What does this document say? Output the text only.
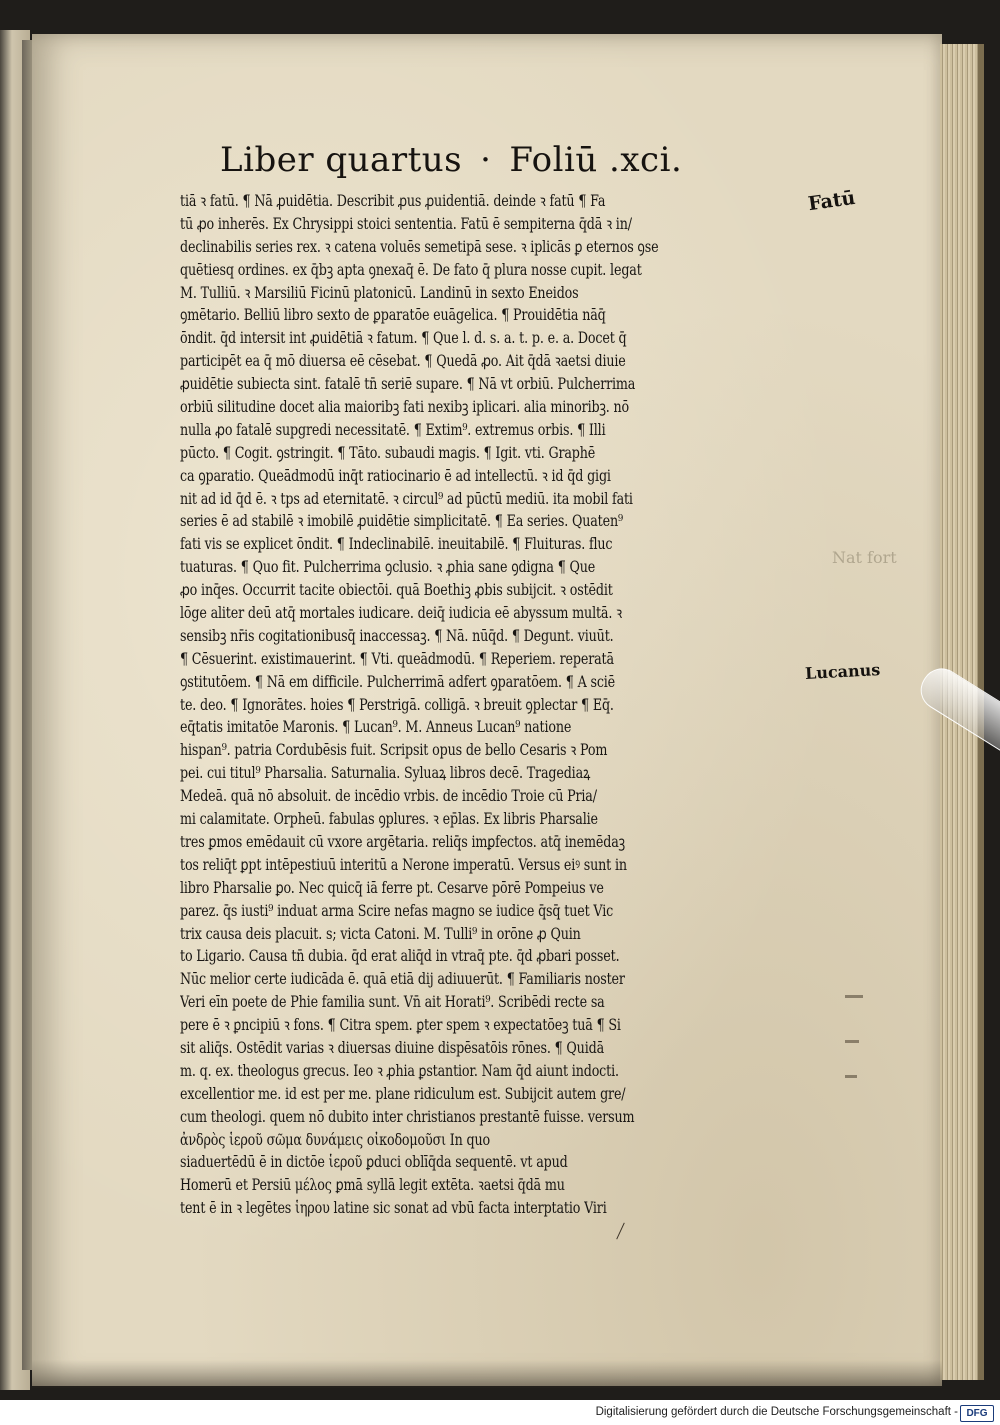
Liber quartus · Foliū .xci.
tiā ꝛ fatū. ¶ Nā ꝓuidētia. Describit ꝓus ꝓuidentiā. deinde ꝛ fatū ¶ Fa
tū ꝓo inherēs. Ex Chrysippi stoici sententia. Fatū ē sempiterna q̄dā ꝛ in/
declinabilis series rex. ꝛ catena voluēs semetipā sese. ꝛ iplicās ꝑ eternos ꝯse
quētiesq ordines. ex q̄bꝫ apta ꝯnexaq̄ ē. De fato q̄ plura nosse cupit. legat
M. Tulliū. ꝛ Marsiliū Ficinū platonicū. Landinū in sexto Eneidos
ꝯmētario. Belliū libro sexto de ꝑparatōe euāgelica. ¶ Prouidētia nāq̄
ōndit. q̄d intersit int ꝓuidētiā ꝛ fatum. ¶ Que l. d. s. a. t. p. e. a. Docet q̄
participēt ea q̄ mō diuersa eē cēsebat. ¶ Quedā ꝓo. Ait q̄dā ꝛaetsi diuie
ꝓuidētie subiecta sint. fatalē tn̄ seriē supare. ¶ Nā vt orbiū. Pulcherrima
orbiū silitudine docet alia maioribꝫ fati nexibꝫ iplicari. alia minoribꝫ. nō
nulla ꝓo fatalē supgredi necessitatē. ¶ Extim⁹. extremus orbis. ¶ Illi
pūcto. ¶ Cogit. ꝯstringit. ¶ Tāto. subaudi magis. ¶ Igit. vti. Graphē
ca ꝯparatio. Queādmodū inq̄t ratiocinario ē ad intellectū. ꝛ id q̄d gigi
nit ad id q̄d ē. ꝛ tps ad eternitatē. ꝛ circul⁹ ad pūctū mediū. ita mobil fati
series ē ad stabilē ꝛ imobilē ꝓuidētie simplicitatē. ¶ Ea series. Quaten⁹
fati vis se explicet ōndit. ¶ Indeclinabilē. ineuitabilē. ¶ Fluituras. fluc
tuaturas. ¶ Quo fit. Pulcherrima ꝯclusio. ꝛ ꝓhia sane ꝯdigna ¶ Que
ꝓo inq̄es. Occurrit tacite obiectōi. quā Boethiꝫ ꝓbis subijcit. ꝛ ostēdit
lōge aliter deū atq̄ mortales iudicare. deiq̄ iudicia eē abyssum multā. ꝛ
sensibꝫ nr̄is cogitationibusq̄ inaccessaꝫ. ¶ Nā. nūq̄d. ¶ Degunt. viuūt.
¶ Cēsuerint. existimauerint. ¶ Vti. queādmodū. ¶ Reperiem. reperatā
ꝯstitutōem. ¶ Nā em difficile. Pulcherrimā adfert ꝯparatōem. ¶ A sciē
te. deo. ¶ Ignorātes. hoies ¶ Perstrigā. colligā. ꝛ breuit ꝯplectar ¶ Eq̄.
eq̄tatis imitatōe Maronis. ¶ Lucan⁹. M. Anneus Lucan⁹ natione
hispan⁹. patria Cordubēsis fuit. Scripsit opus de bello Cesaris ꝛ Pom
pei. cui titul⁹ Pharsalia. Saturnalia. Syluaꝝ libros decē. Tragediaꝝ
Medeā. quā nō absoluit. de incēdio vrbis. de incēdio Troie cū Pria/
mi calamitate. Orpheū. fabulas ꝯplures. ꝛ ep̄las. Ex libris Pharsalie
tres ꝑmos emēdauit cū vxore argētaria. reliq̄s imꝑfectos. atq̄ inemēdaꝫ
tos reliq̄t ꝑpt intēpestiuū interitū a Nerone imperatū. Versus eiꝰ sunt in
libro Pharsalie ꝑo. Nec quicq̄ iā ferre pt. Cesarve pōrē Pompeius ve
parez. q̄s iusti⁹ induat arma Scire nefas magno se iudice q̄sq̄ tuet Vic
trix causa deis placuit. s; victa Catoni. M. Tulli⁹ in orōne ꝓ Quin
to Ligario. Causa tn̄ dubia. q̄d erat aliq̄d in vtraq̄ pte. q̄d ꝓbari posset.
Nūc melior certe iudicāda ē. quā etiā dij adiuuerūt. ¶ Familiaris noster
Veri eīn poete de Phie familia sunt. Vn̄ ait Horati⁹. Scribēdi recte sa
pere ē ꝛ ꝑncipiū ꝛ fons. ¶ Citra spem. ꝑter spem ꝛ expectatōeꝫ tuā ¶ Si
sit aliq̄s. Ostēdit varias ꝛ diuersas diuine dispēsatōis rōnes. ¶ Quidā
m. q. ex. theologus grecus. Ieo ꝛ ꝓhia ꝑstantior. Nam q̄d aiunt indocti.
excellentior me. id est per me. plane ridiculum est. Subijcit autem gre/
cum theologi. quem nō dubito inter christianos prestantē fuisse. versum
ἀνδρὸς ἱεροῦ σῶμα δυνάμεις οἰκοδομοῦσι In quo
siaduertēdū ē in dictōe ἱεροῦ ꝑduci oblīq̄da sequentē. vt apud
Homerū et Persiū μέλος ꝑmā syllā legit extēta. ꝛaetsi q̄dā mu
tent ē in ꝛ legētes ἱηρου latine sic sonat ad vbū facta interptatio Viri
Fatū
Lucanus
Nat fort
Digitalisierung gefördert durch die Deutsche Forschungsgemeinschaft - DFG
